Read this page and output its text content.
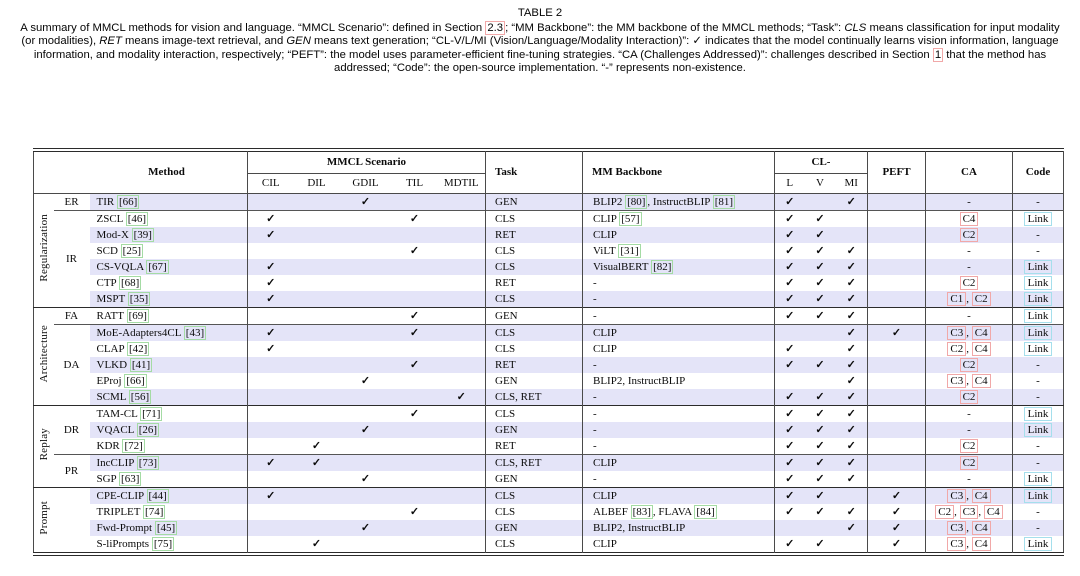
TABLE 2
A summary of MMCL methods for vision and language. “MMCL Scenario”: defined in Section 2.3 ; “MM Backbone”: the MM backbone of the MMCL methods; “Task”: CLS means classification for input modality (or modalities), RET means image-text retrieval, and GEN means text generation; “CL-V/L/MI (Vision/Language/Modality Interaction)”: ✓ indicates that the model continually learns vision information, language information, and modality interaction, respectively; “PEFT”: the model uses parameter-efficient fine-tuning strategies. “CA (Challenges Addressed)”: challenges described in Section 1 that the method has addressed; “Code”: the open-source implementation. “-” represents non-existence.
Method			MMCL Scenario					Task	MM Backbone	CL-			PEFT	CA	Code
			CIL	DIL	GDIL	TIL	MDTIL			L	V	MI			
Regularization	ER	TIR [66]			✓			GEN	BLIP2 [80] , InstructBLIP [81]	✓		✓		-	-
	IR	ZSCL [46]	✓			✓		CLS	CLIP [57]	✓	✓			C4	Link
		Mod-X [39]	✓					RET	CLIP	✓	✓			C2	-
		SCD [25]				✓		CLS	ViLT [31]	✓	✓	✓		-	-
		CS-VQLA [67]	✓					CLS	VisualBERT [82]	✓	✓	✓		-	Link
		CTP [68]	✓					RET	-	✓	✓	✓		C2	Link
		MSPT [35]	✓					CLS	-	✓	✓	✓		C1 , C2	Link
Architecture	FA	RATT [69]				✓		GEN	-	✓	✓	✓		-	Link
	DA	MoE-Adapters4CL [43]	✓			✓		CLS	CLIP			✓	✓	C3 , C4	Link
		CLAP [42]	✓					CLS	CLIP	✓		✓		C2 , C4	Link
		VLKD [41]				✓		RET	-	✓	✓	✓		C2	-
		EProj [66]			✓			GEN	BLIP2, InstructBLIP			✓		C3 , C4	-
		SCML [56]					✓	CLS, RET	-	✓	✓	✓		C2	-
Replay	DR	TAM-CL [71]				✓		CLS	-	✓	✓	✓		-	Link
		VQACL [26]			✓			GEN	-	✓	✓	✓		-	Link
		KDR [72]		✓				RET	-	✓	✓	✓		C2	-
	PR	IncCLIP [73]	✓	✓				CLS, RET	CLIP	✓	✓	✓		C2	-
		SGP [63]			✓			GEN	-	✓	✓	✓		-	Link
Prompt		CPE-CLIP [44]	✓					CLS	CLIP	✓	✓		✓	C3 , C4	Link
		TRIPLET [74]				✓		CLS	ALBEF [83] , FLAVA [84]	✓	✓	✓	✓	C2 , C3 , C4	-
		Fwd-Prompt [45]			✓			GEN	BLIP2, InstructBLIP			✓	✓	C3 , C4	-
		S-liPrompts [75]		✓				CLS	CLIP	✓	✓		✓	C3 , C4	Link
